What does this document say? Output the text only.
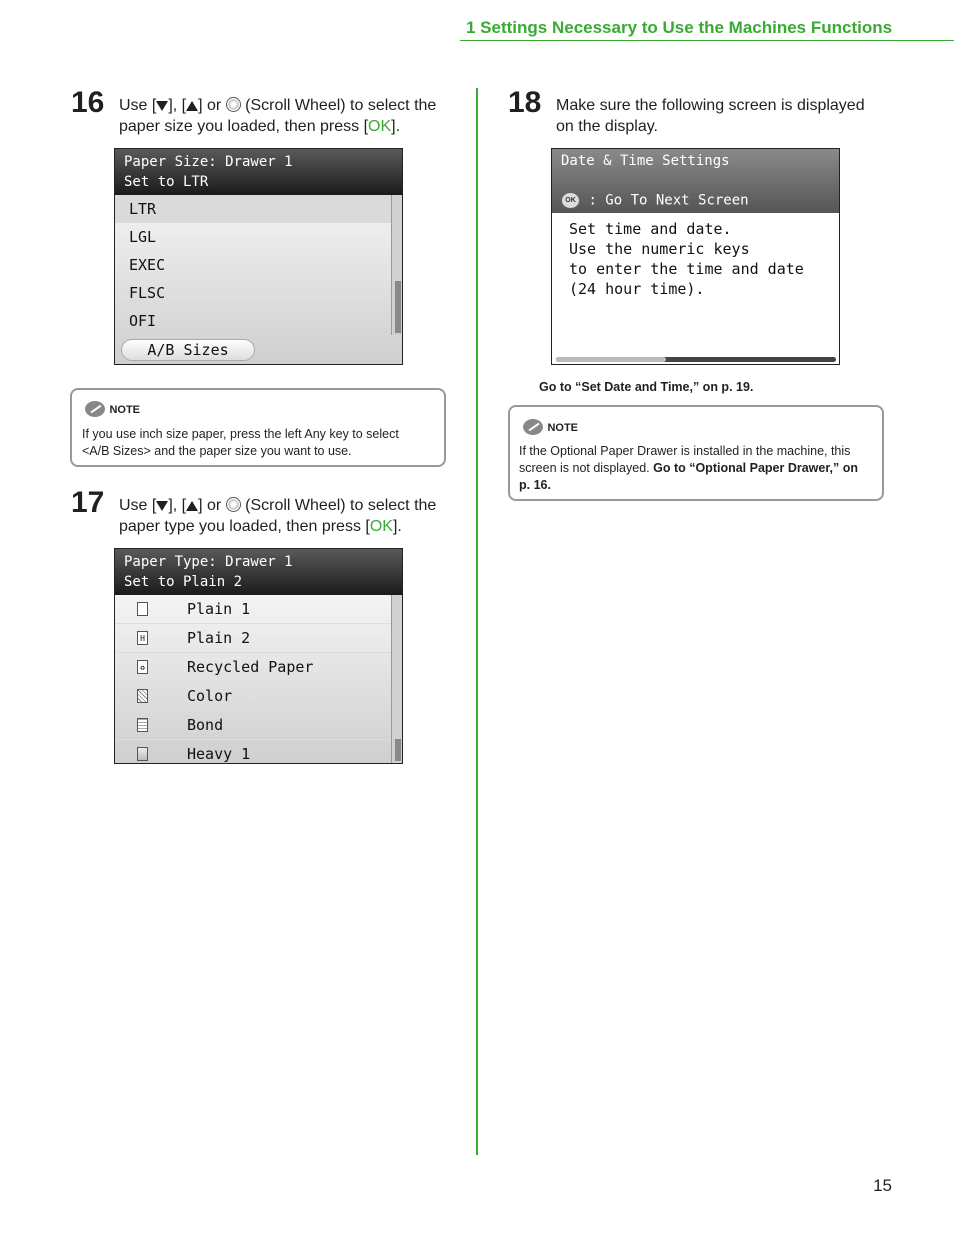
1 Settings Necessary to Use the Machines Functions
16 Use [ ], [ ] or  (Scroll Wheel) to select the
paper size you loaded, then press [OK].
Paper Size: Drawer 1
Set to LTR
LTR
LGL
EXEC
FLSC
OFI
A/B Sizes
NOTE
If you use inch size paper, press the left Any key to select
<A/B Sizes> and the paper size you want to use.
17 Use [ ], [ ] or  (Scroll Wheel) to select the
paper type you loaded, then press [OK].
Paper Type: Drawer 1
Set to Plain 2
Plain 1
H	Plain 2
♻	Recycled Paper
Color
Bond
Heavy 1
18 Make sure the following screen is displayed
on the display.
Date & Time Settings
OK : Go To Next Screen
Set time and date.
Use the numeric keys
to enter the time and date
(24 hour time).
Go to “Set Date and Time,” on p. 19.
NOTE
If the Optional Paper Drawer is installed in the machine, this
screen is not displayed. Go to “Optional Paper Drawer,” on
p. 16.
15
